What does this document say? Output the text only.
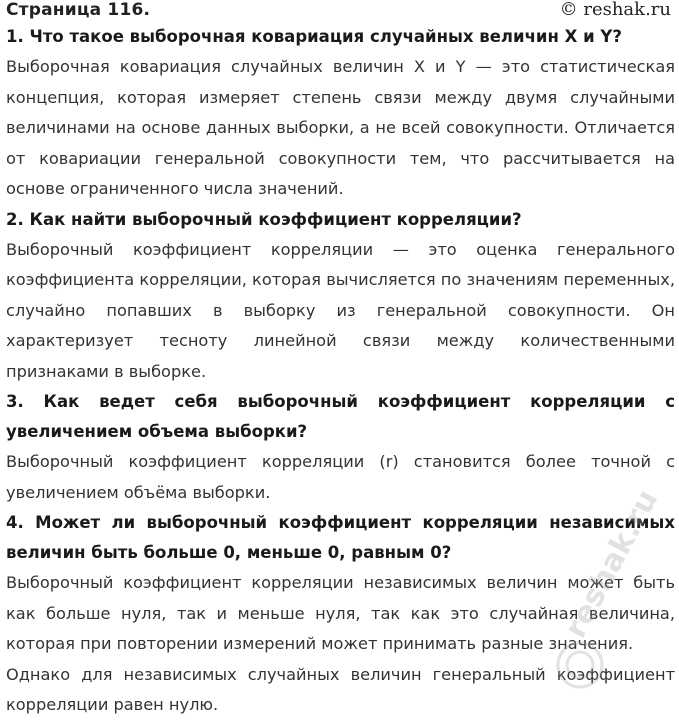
Страница 116.	© reshak.ru

1. Что такое выборочная ковариация случайных величин X и Y?

Выборочная ковариация случайных величин X и Y — это статистическая концепция, которая измеряет степень связи между двумя случайными величинами на основе данных выборки, а не всей совокупности. Отличается от ковариации генеральной совокупности тем, что рассчитывается на основе ограниченного числа значений.

2. Как найти выборочный коэффициент корреляции?

Выборочный коэффициент корреляции — это оценка генерального коэффициента корреляции, которая вычисляется по значениям переменных, случайно попавших в выборку из генеральной совокупности. Он характеризует тесноту линейной связи между количественными признаками в выборке.

3. Как ведет себя выборочный коэффициент корреляции с увеличением объема выборки?

Выборочный коэффициент корреляции (r) становится более точной с увеличением объёма выборки.

4. Может ли выборочный коэффициент корреляции независимых величин быть больше 0, меньше 0, равным 0?

Выборочный коэффициент корреляции независимых величин может быть как больше нуля, так и меньше нуля, так как это случайная величина, которая при повторении измерений может принимать разные значения.

Однако для независимых случайных величин генеральный коэффициент корреляции равен нулю.

reshak.ru
